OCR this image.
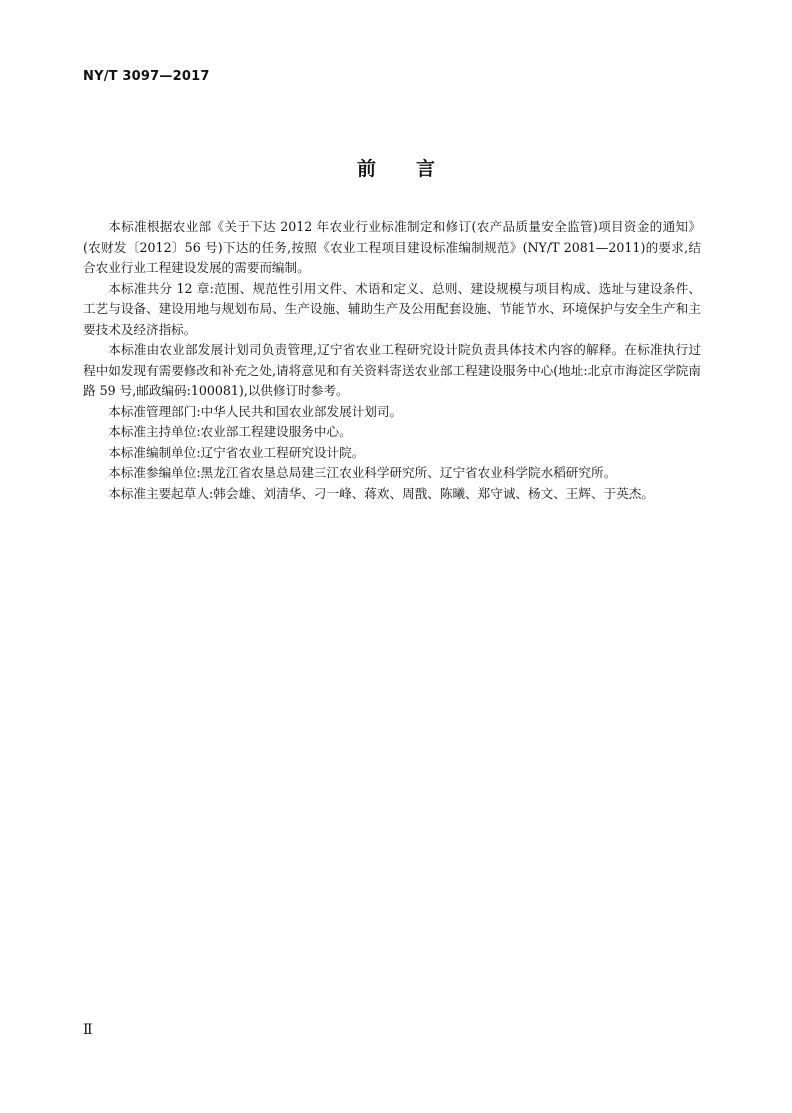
NY/T 3097—2017
前言

本标准根据农业部《关于下达 2012 年农业行业标准制定和修订(农产品质量安全监管)项目资金的通知》(农财发〔2012〕56 号)下达的任务,按照《农业工程项目建设标准编制规范》(NY/T 2081—2011)的要求,结合农业行业工程建设发展的需要而编制。

本标准共分 12 章:范围、规范性引用文件、术语和定义、总则、建设规模与项目构成、选址与建设条件、工艺与设备、建设用地与规划布局、生产设施、辅助生产及公用配套设施、节能节水、环境保护与安全生产和主要技术及经济指标。

本标准由农业部发展计划司负责管理,辽宁省农业工程研究设计院负责具体技术内容的解释。在标准执行过程中如发现有需要修改和补充之处,请将意见和有关资料寄送农业部工程建设服务中心(地址:北京市海淀区学院南路 59 号,邮政编码:100081),以供修订时参考。

本标准管理部门:中华人民共和国农业部发展计划司。

本标准主持单位:农业部工程建设服务中心。

本标准编制单位:辽宁省农业工程研究设计院。

本标准参编单位:黑龙江省农垦总局建三江农业科学研究所、辽宁省农业科学院水稻研究所。

本标准主要起草人:韩会雄、刘清华、刁一峰、蒋欢、周戬、陈曦、郑守诚、杨文、王辉、于英杰。

Ⅱ
